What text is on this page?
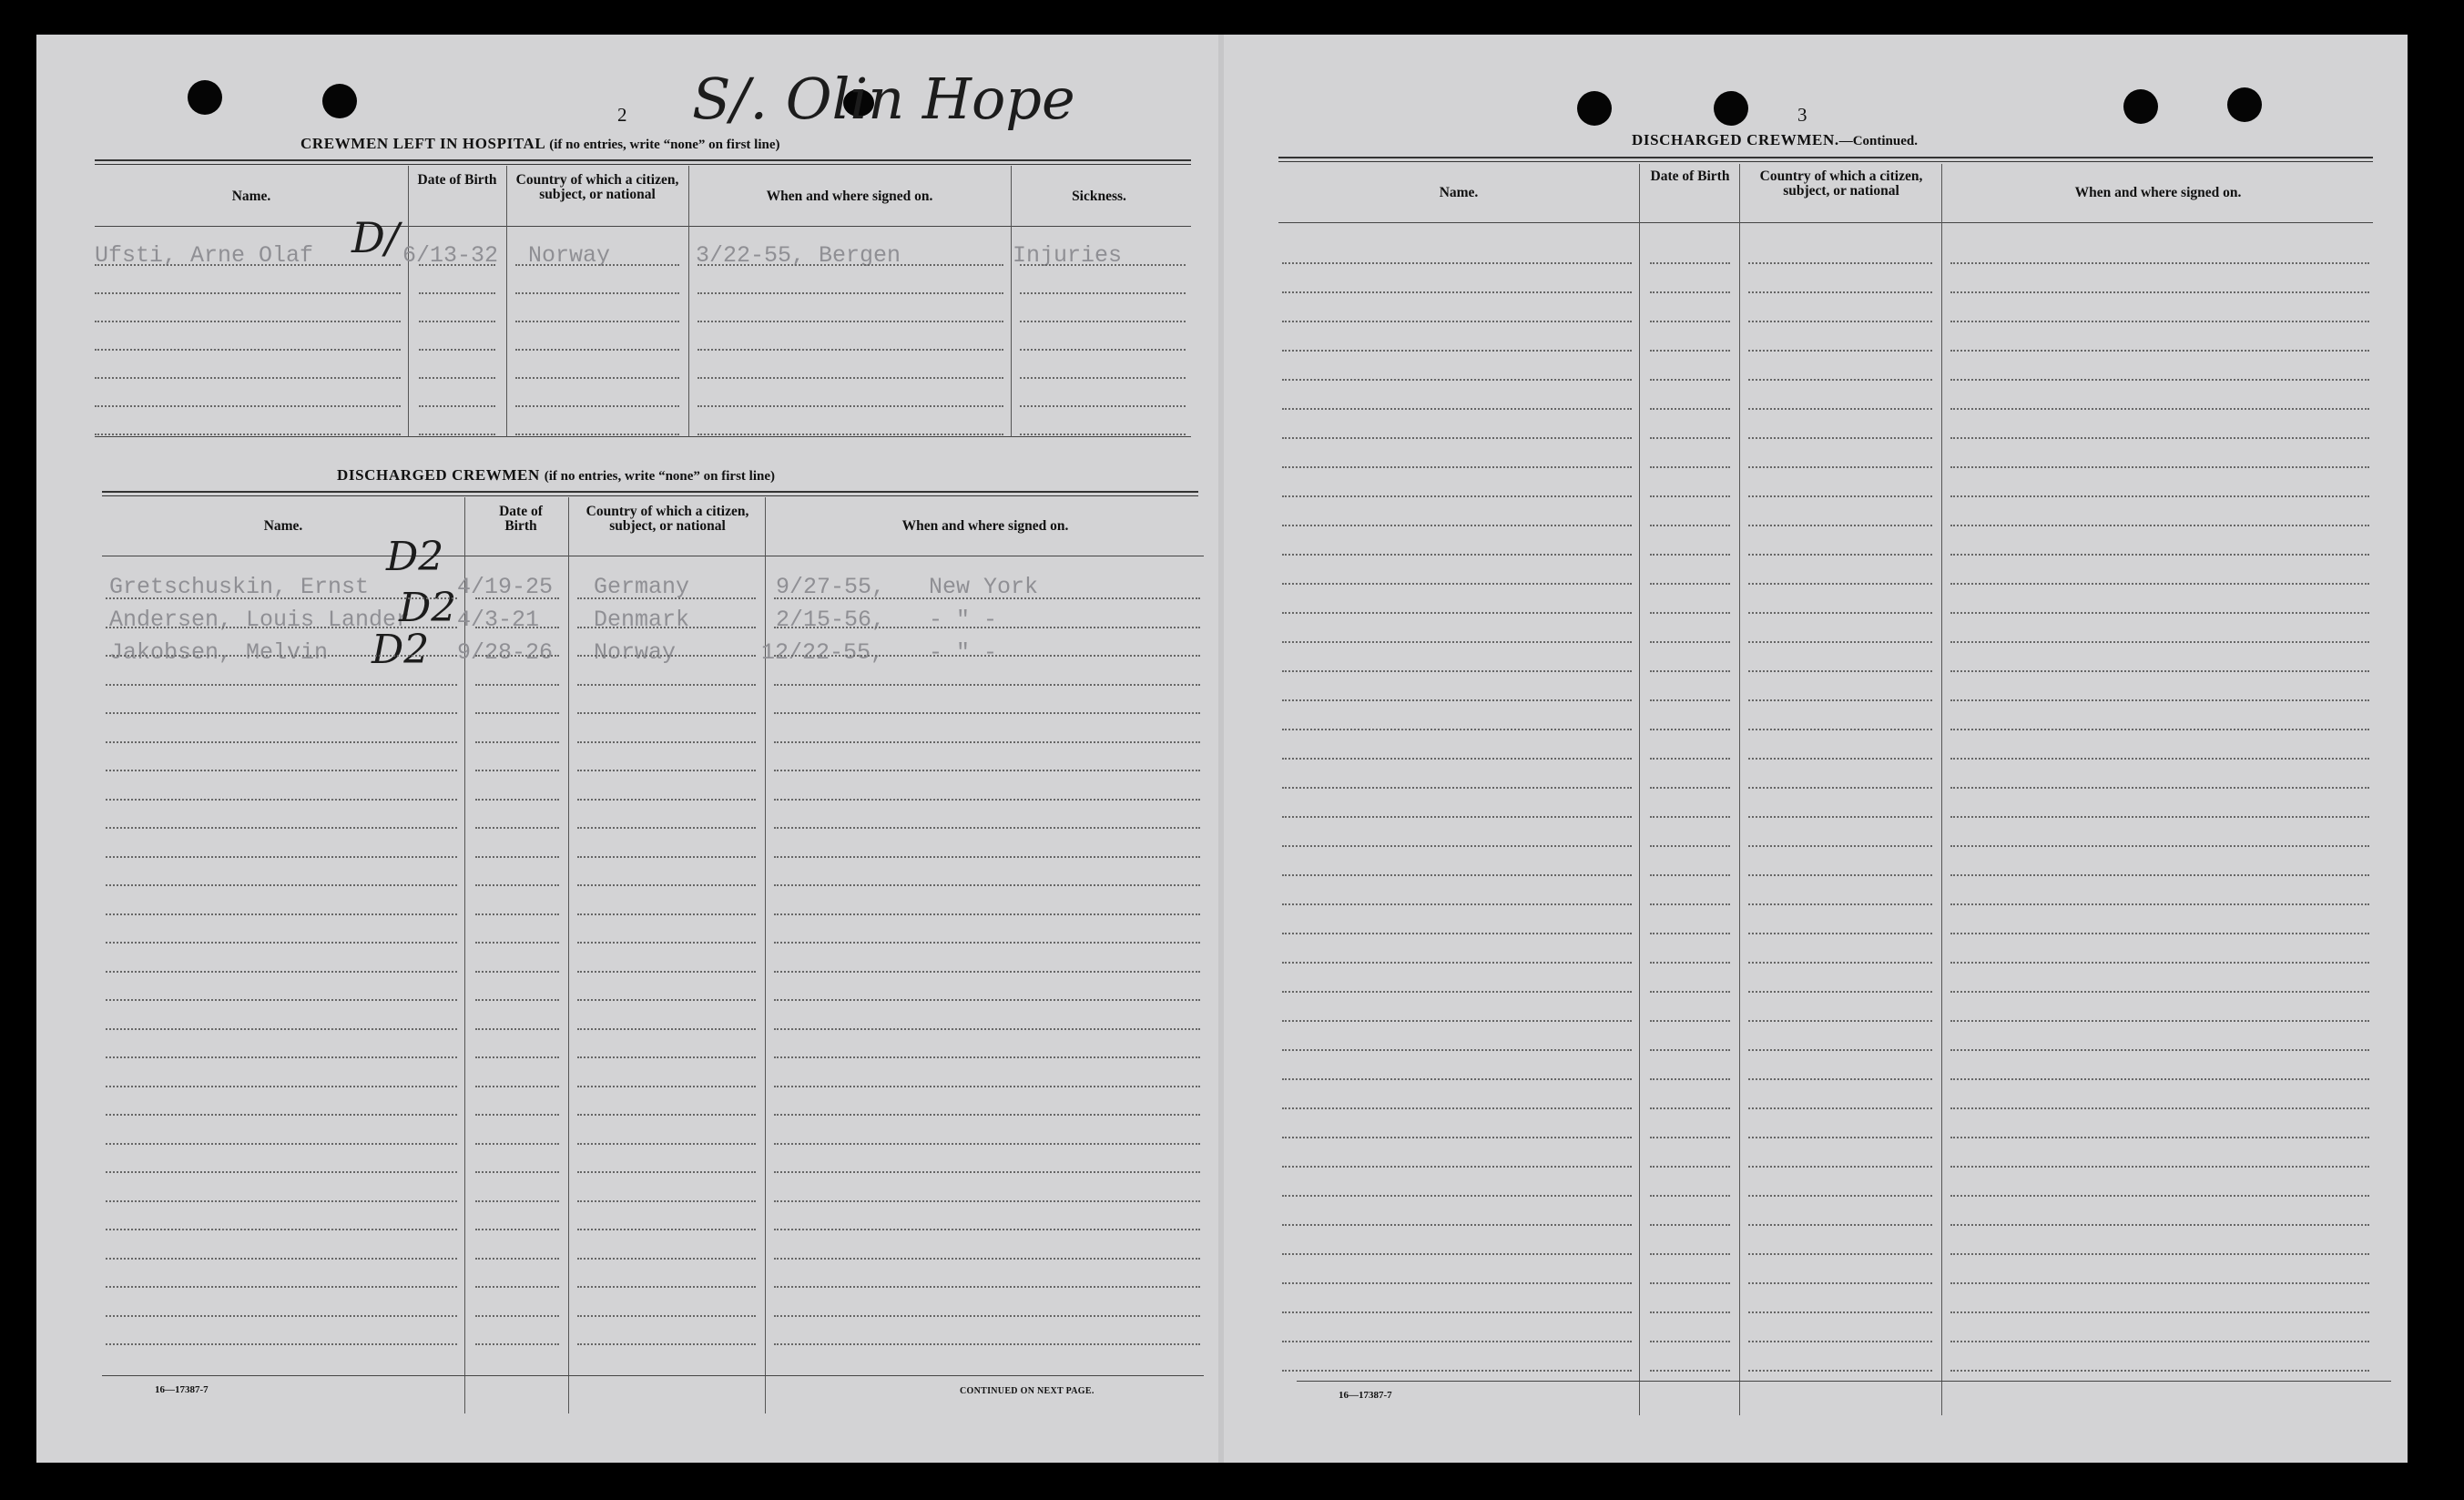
2 S/. Olin Hope
CREWMEN LEFT IN HOSPITAL (if no entries, write “none” on first line)
Name.
Date of Birth	Country of which a citizen, subject, or national	When and where signed on.	Sickness.
Ufsti, Arne Olaf	6/13-32 Norway	3/22-55, Bergen	Injuries
D/
DISCHARGED CREWMEN (if no entries, write “none” on first line)
Name.
Date of Birth
Country of which a citizen, subject, or national	When and where signed on.
Gretschuskin, Ernst	4/19-25 Germany	9/27-55, New York
D2
Andersen, Louis Lander 4/3-21 Denmark	2/15-56, - " -
D2
Jakobsen, Melvin	9/28-26 Norway	12/22-55, - " -
D2
16—17387-7	CONTINUED ON NEXT PAGE.
3
DISCHARGED CREWMEN.—Continued.
Name.
Date of Birth	Country of which a citizen, subject, or national	When and where signed on.
16—17387-7
